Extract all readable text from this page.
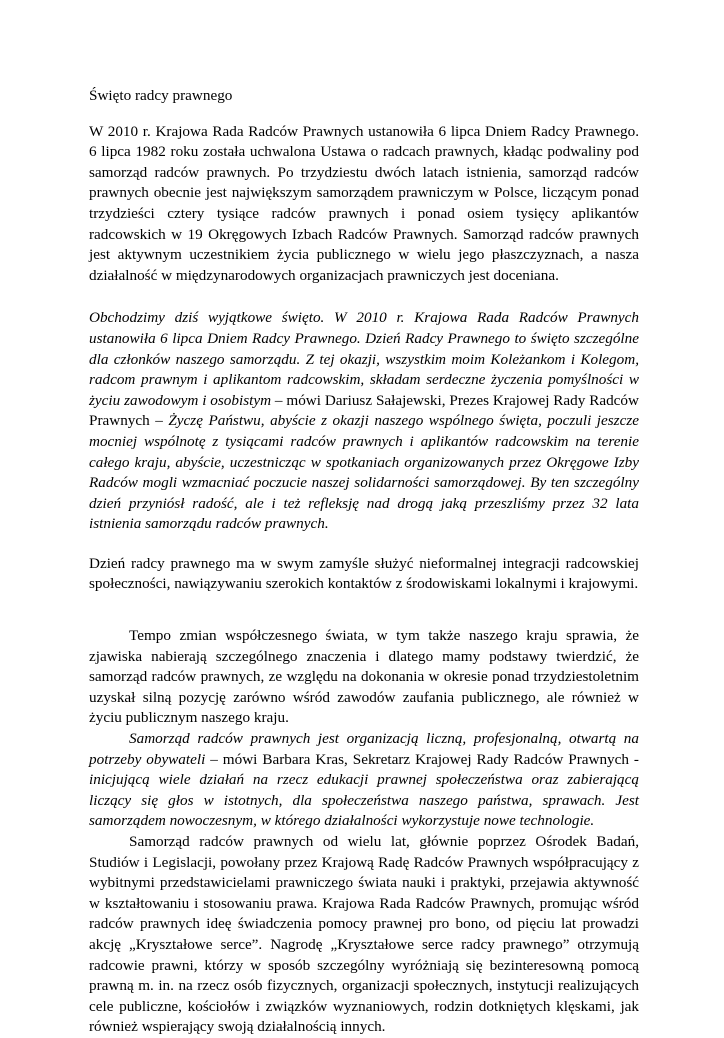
Święto radcy prawnego

W 2010 r. Krajowa Rada Radców Prawnych ustanowiła 6 lipca Dniem Radcy Prawnego. 6 lipca 1982 roku została uchwalona Ustawa o radcach prawnych, kładąc podwaliny pod samorząd radców prawnych. Po trzydziestu dwóch latach istnienia, samorząd radców prawnych obecnie jest największym samorządem prawniczym w Polsce, liczącym ponad trzydzieści cztery tysiące radców prawnych i ponad osiem tysięcy aplikantów radcowskich w 19 Okręgowych Izbach Radców Prawnych. Samorząd radców prawnych jest aktywnym uczestnikiem życia publicznego w wielu jego płaszczyznach, a nasza działalność w międzynarodowych organizacjach prawniczych jest doceniana.

Obchodzimy dziś wyjątkowe święto. W 2010 r. Krajowa Rada Radców Prawnych ustanowiła 6 lipca Dniem Radcy Prawnego. Dzień Radcy Prawnego to święto szczególne dla członków naszego samorządu. Z tej okazji, wszystkim moim Koleżankom i Kolegom, radcom prawnym i aplikantom radcowskim, składam serdeczne życzenia pomyślności w życiu zawodowym i osobistym – mówi Dariusz Sałajewski, Prezes Krajowej Rady Radców Prawnych – Życzę Państwu, abyście z okazji naszego wspólnego święta, poczuli jeszcze mocniej wspólnotę z tysiącami radców prawnych i aplikantów radcowskim na terenie całego kraju, abyście, uczestnicząc w spotkaniach organizowanych przez Okręgowe Izby Radców mogli wzmacniać poczucie naszej solidarności samorządowej. By ten szczególny dzień przyniósł radość, ale i też refleksję nad drogą jaką przeszliśmy przez 32 lata istnienia samorządu radców prawnych.

Dzień radcy prawnego ma w swym zamyśle służyć nieformalnej integracji radcowskiej społeczności, nawiązywaniu szerokich kontaktów z środowiskami lokalnymi i krajowymi.

Tempo zmian współczesnego świata, w tym także naszego kraju sprawia, że zjawiska nabierają szczególnego znaczenia i dlatego mamy podstawy twierdzić, że samorząd radców prawnych, ze względu na dokonania w okresie ponad trzydziestoletnim uzyskał silną pozycję zarówno wśród zawodów zaufania publicznego, ale również w życiu publicznym naszego kraju.

Samorząd radców prawnych jest organizacją liczną, profesjonalną, otwartą na potrzeby obywateli – mówi Barbara Kras, Sekretarz Krajowej Rady Radców Prawnych - inicjującą wiele działań na rzecz edukacji prawnej społeczeństwa oraz zabierającą liczący się głos w istotnych, dla społeczeństwa naszego państwa, sprawach. Jest samorządem nowoczesnym, w którego działalności wykorzystuje nowe technologie.

Samorząd radców prawnych od wielu lat, głównie poprzez Ośrodek Badań, Studiów i Legislacji, powołany przez Krajową Radę Radców Prawnych współpracujący z wybitnymi przedstawicielami prawniczego świata nauki i praktyki, przejawia aktywność w kształtowaniu i stosowaniu prawa. Krajowa Rada Radców Prawnych, promując wśród radców prawnych ideę świadczenia pomocy prawnej pro bono, od pięciu lat prowadzi akcję „Kryształowe serce”. Nagrodę „Kryształowe serce radcy prawnego” otrzymują radcowie prawni, którzy w sposób szczególny wyróżniają się bezinteresowną pomocą prawną m. in. na rzecz osób fizycznych, organizacji społecznych, instytucji realizujących cele publiczne, kościołów i związków wyznaniowych, rodzin dotkniętych klęskami, jak również wspierający swoją działalnością innych.
